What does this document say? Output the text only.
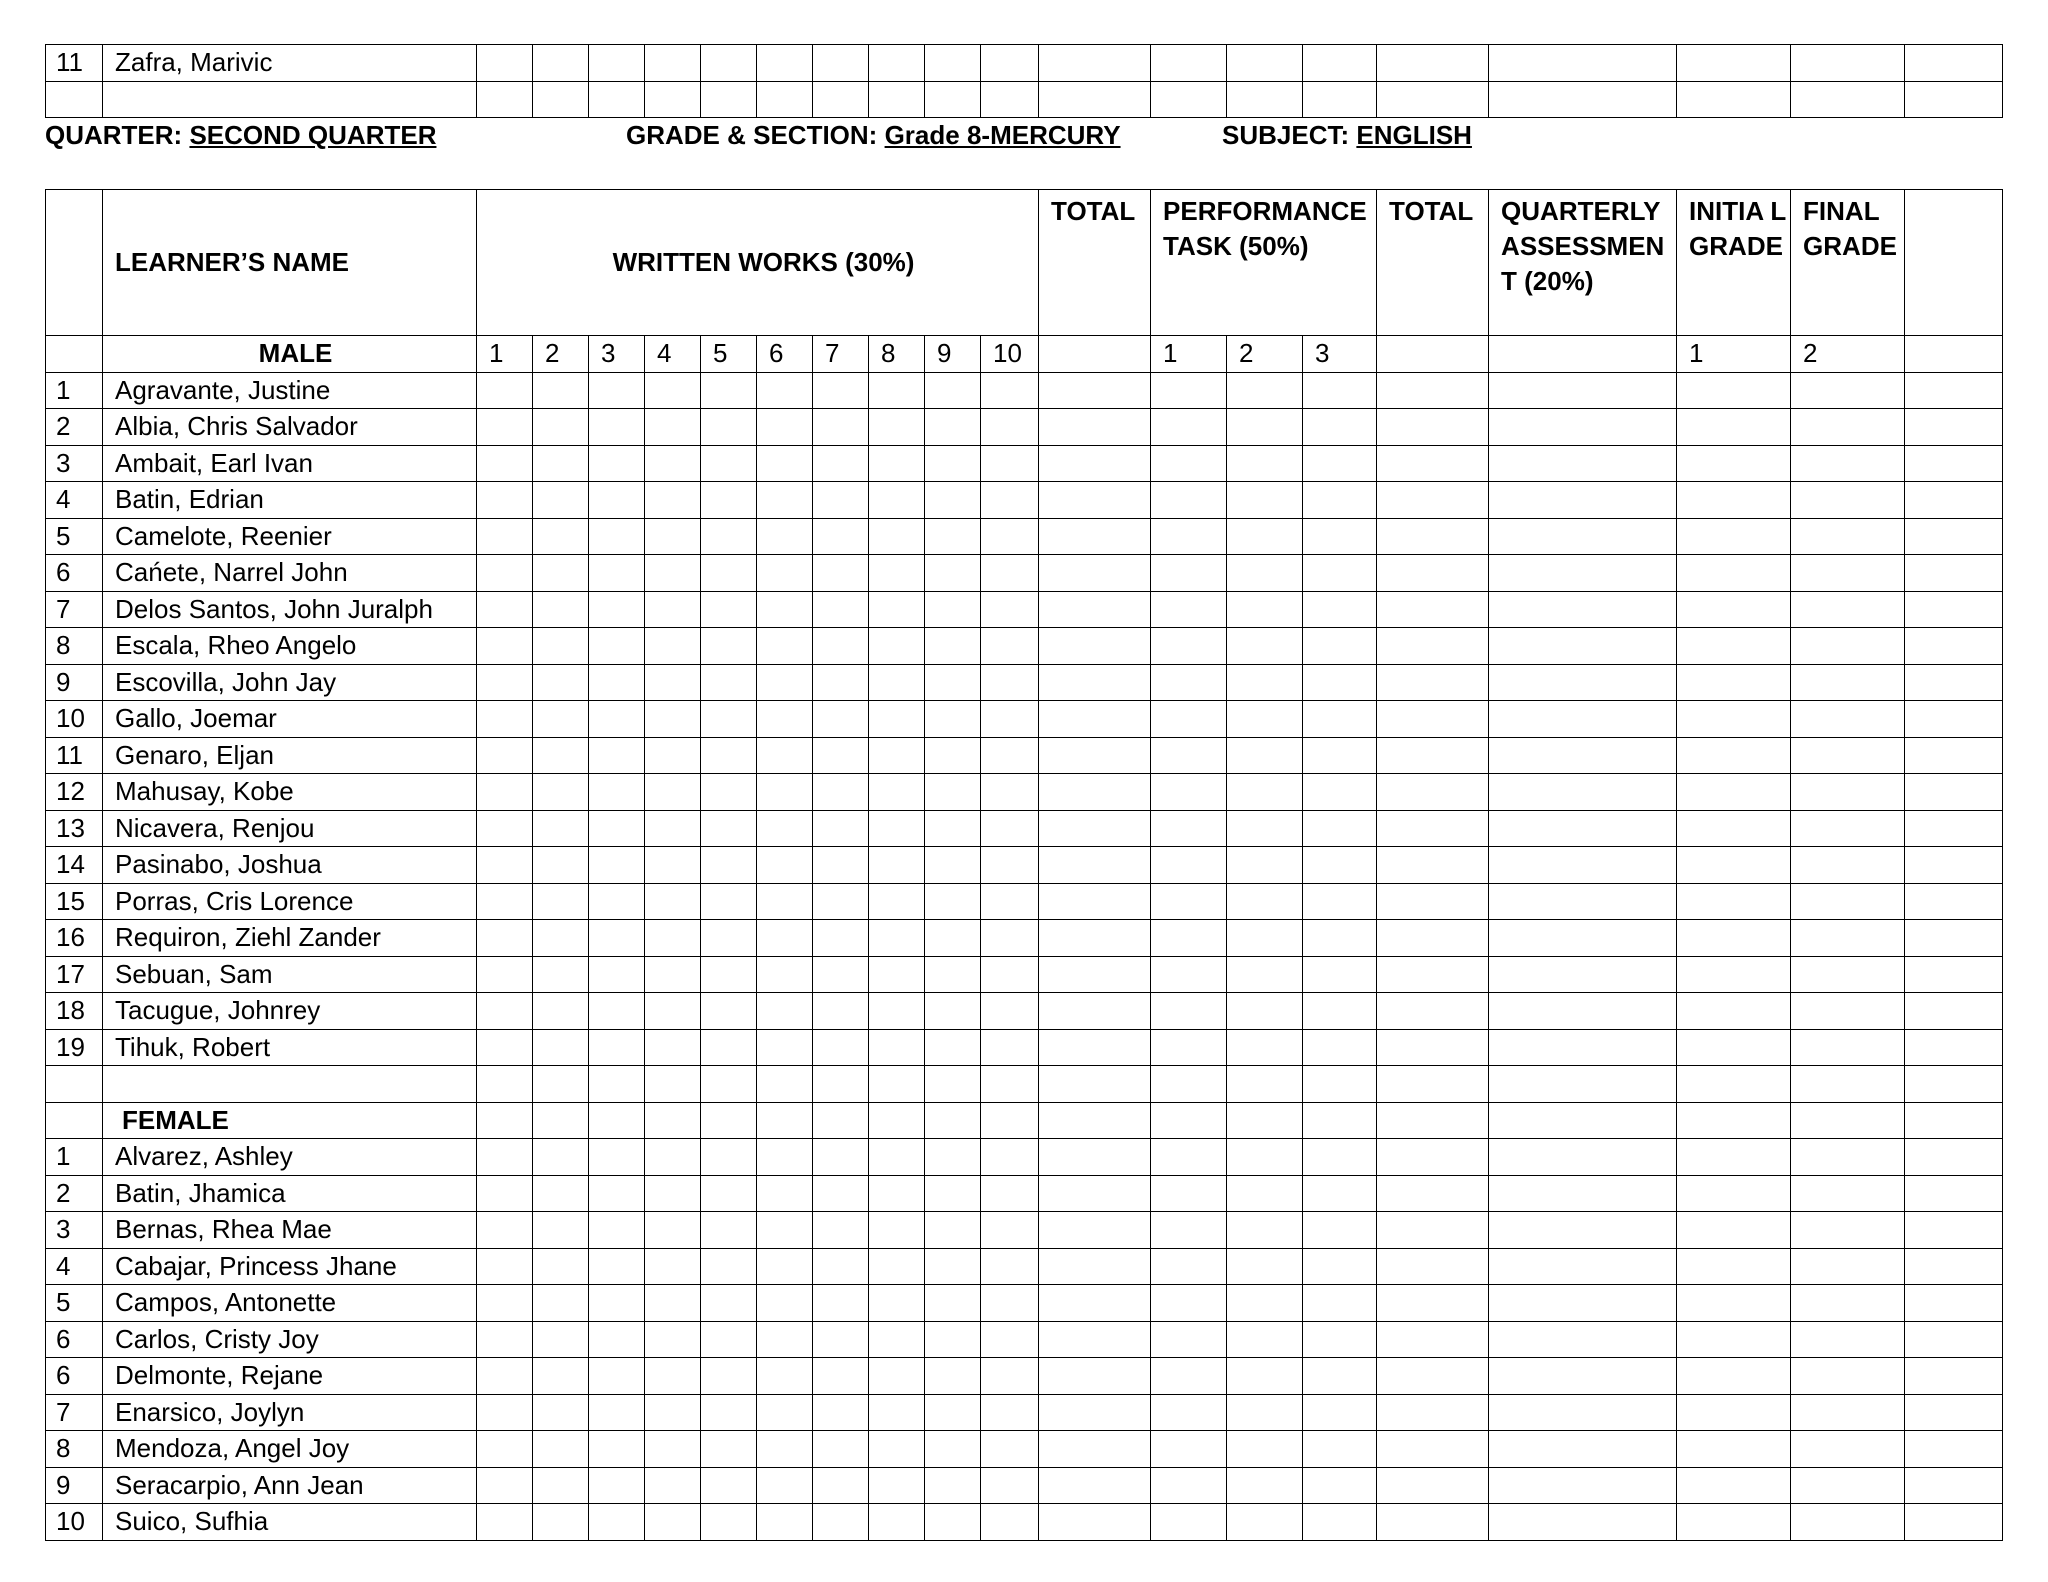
11	Zafra, Marivic																			

QUARTER: SECOND QUARTER	GRADE & SECTION: Grade 8-MERCURY	SUBJECT: ENGLISH
	LEARNER’S NAME	WRITTEN WORKS (30%)										TOTAL	PERFORMANCE TASK (50%)			TOTAL	QUARTERLY ASSESSMEN T (20%)	INITIA L GRADE	FINAL GRADE	
	MALE	1	2	3	4	5	6	7	8	9	10		1	2	3			1	2	
1	Agravante, Justine																			
2	Albia, Chris Salvador																			
3	Ambait, Earl Ivan																			
4	Batin, Edrian																			
5	Camelote, Reenier																			
6	Cańete, Narrel John																			
7	Delos Santos, John Juralph																			
8	Escala, Rheo Angelo																			
9	Escovilla, John Jay																			
10	Gallo, Joemar																			
11	Genaro, Eljan																			
12	Mahusay, Kobe																			
13	Nicavera, Renjou																			
14	Pasinabo, Joshua																			
15	Porras, Cris Lorence																			
16	Requiron, Ziehl Zander																			
17	Sebuan, Sam																			
18	Tacugue, Johnrey																			
19	Tihuk, Robert																			

	FEMALE																			
1	Alvarez, Ashley																			
2	Batin, Jhamica																			
3	Bernas, Rhea Mae																			
4	Cabajar, Princess Jhane																			
5	Campos, Antonette																			
6	Carlos, Cristy Joy																			
6	Delmonte, Rejane																			
7	Enarsico, Joylyn																			
8	Mendoza, Angel Joy																			
9	Seracarpio, Ann Jean																			
10	Suico, Sufhia																			
